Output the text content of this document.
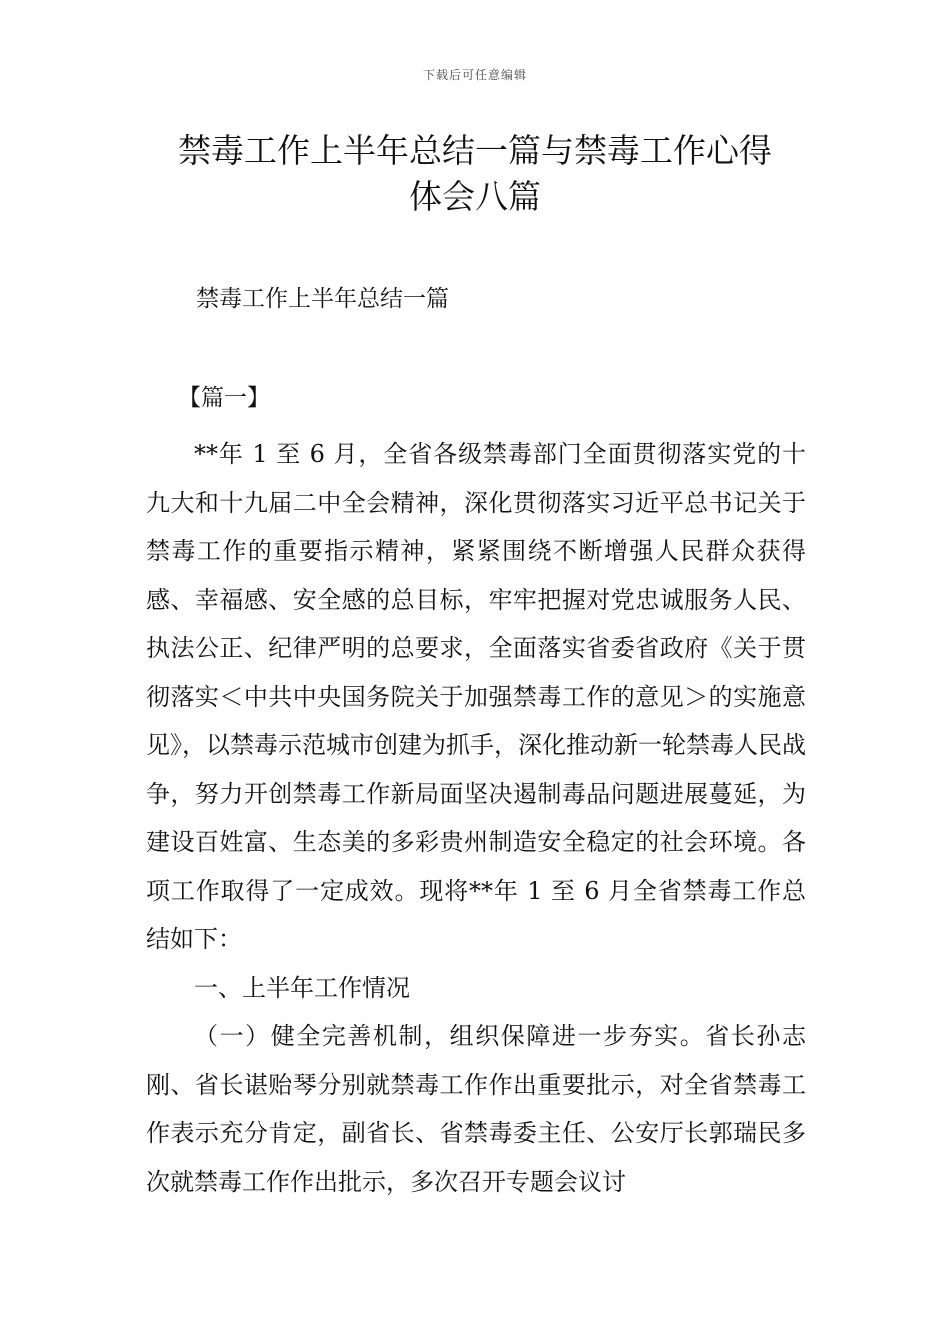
下载后可任意编辑
禁毒工作上半年总结一篇与禁毒工作心得
体会八篇
禁毒工作上半年总结一篇
【篇一】

**年 1 至 6 月，全省各级禁毒部门全面贯彻落实党的十九大和十九届二中全会精神，深化贯彻落实习近平总书记关于禁毒工作的重要指示精神，紧紧围绕不断增强人民群众获得感、幸福感、安全感的总目标，牢牢把握对党忠诚服务人民、执法公正、纪律严明的总要求，全面落实省委省政府《关于贯彻落实＜中共中央国务院关于加强禁毒工作的意见＞的实施意见》，以禁毒示范城市创建为抓手，深化推动新一轮禁毒人民战争，努力开创禁毒工作新局面坚决遏制毒品问题进展蔓延，为建设百姓富、生态美的多彩贵州制造安全稳定的社会环境。各项工作取得了一定成效。现将**年 1 至 6 月全省禁毒工作总结如下：

一、上半年工作情况

（一）健全完善机制，组织保障进一步夯实。省长孙志刚、省长谌贻琴分别就禁毒工作作出重要批示，对全省禁毒工作表示充分肯定，副省长、省禁毒委主任、公安厅长郭瑞民多次就禁毒工作作出批示，多次召开专题会议讨
